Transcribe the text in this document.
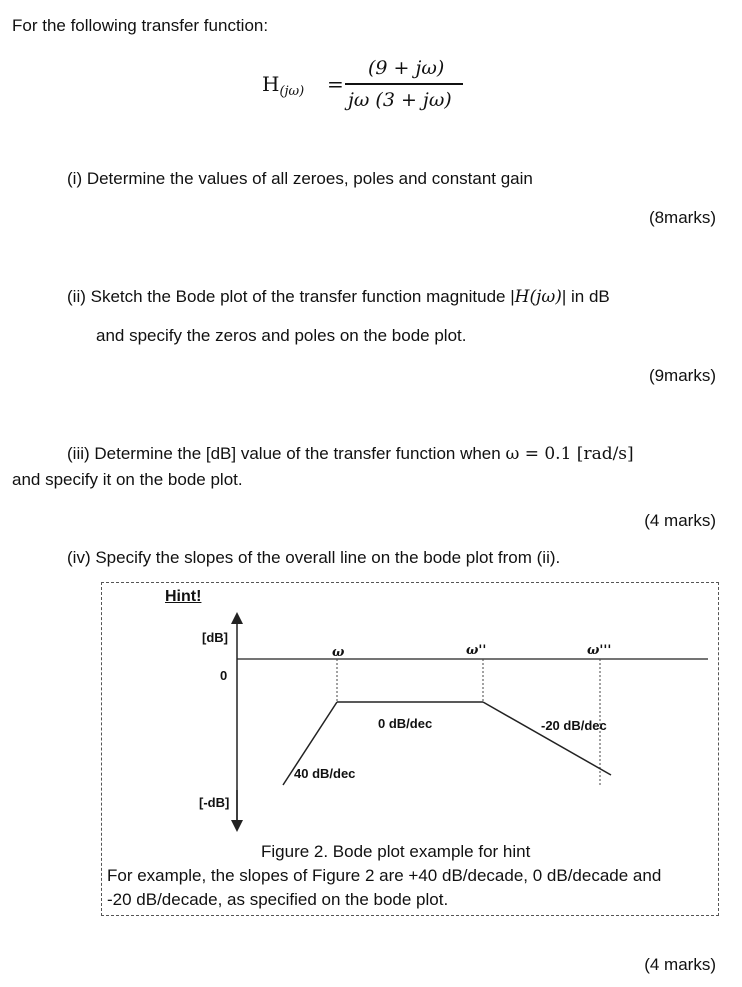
For the following transfer function:
$H_{(j\omega)}$ =
(9 + jω)
jω (3 + jω)
(i) Determine the values of all zeroes, poles and constant gain
(8marks)
(ii) Sketch the Bode plot of the transfer function magnitude |H(jω)| in dB
and specify the zeros and poles on the bode plot.
(9marks)
(iii) Determine the [dB] value of the transfer function when ω = 0.1 [rad/s]
and specify it on the bode plot.
(4 marks)
(iv) Specify the slopes of the overall line on the bode plot from (ii).
Hint!
[dB]
0
[-dB]
ω	ω''	ω'''
40 dB/dec
0 dB/dec	-20 dB/dec
Figure 2. Bode plot example for hint
For example, the slopes of Figure 2 are +40 dB/decade, 0 dB/decade and
-20 dB/decade, as specified on the bode plot.
(4 marks)
